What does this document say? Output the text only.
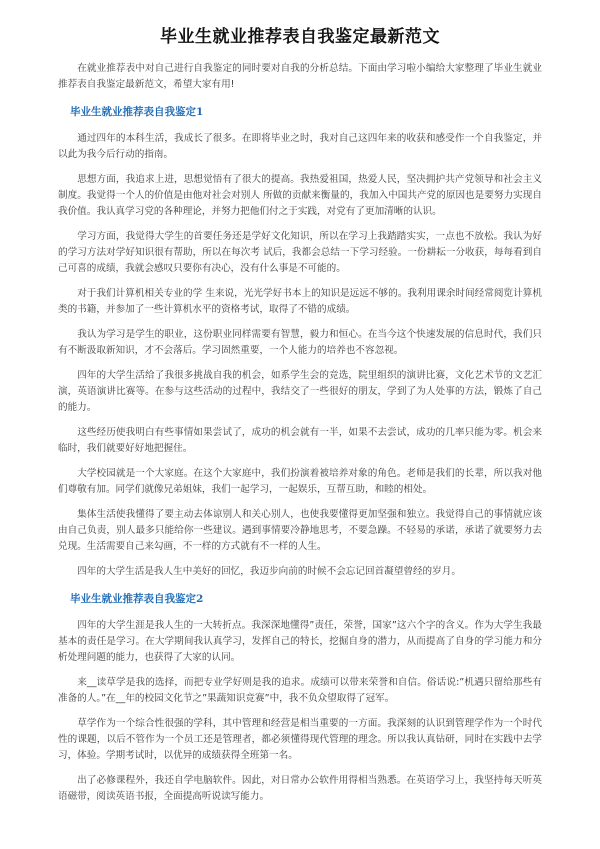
毕业生就业推荐表自我鉴定最新范文

在就业推荐表中对自己进行自我鉴定的同时要对自我的分析总结。下面由学习啦小编给大家整理了毕业生就业推荐表自我鉴定最新范文，希望大家有用!

毕业生就业推荐表自我鉴定1

通过四年的本科生活，我成长了很多。在即将毕业之时，我对自己这四年来的收获和感受作一个自我鉴定，并以此为我今后行动的指南。

思想方面，我追求上进，思想觉悟有了很大的提高。我热爱祖国，热爱人民，坚决拥护共产党领导和社会主义制度。我觉得一个人的价值是由他对社会对别人 所做的贡献来衡量的，我加入中国共产党的原因也是要努力实现自我价值。我认真学习党的各种理论，并努力把他们付之于实践，对党有了更加清晰的认识。

学习方面，我觉得大学生的首要任务还是学好文化知识，所以在学习上我踏踏实实，一点也不放松。我认为好的学习方法对学好知识很有帮助，所以在每次考 试后，我都会总结一下学习经验。一份耕耘一分收获，每每看到自己可喜的成绩，我就会感叹只要你有决心，没有什么事是不可能的。

对于我们计算机相关专业的学 生来说，光光学好书本上的知识是远远不够的。我利用课余时间经常阅览计算机类的书籍，并参加了一些计算机水平的资格考试，取得了不错的成绩。

我认为学习是学生的职业，这份职业同样需要有智慧，毅力和恒心。在当今这个快速发展的信息时代，我们只有不断汲取新知识，才不会落后。学习固然重要，一个人能力的培养也不容忽视。

四年的大学生活给了我很多挑战自我的机会，如系学生会的竞选，院里组织的演讲比赛，文化艺术节的文艺汇演，英语演讲比赛等。在参与这些活动的过程中，我结交了一些很好的朋友，学到了为人处事的方法，锻炼了自己的能力。

这些经历使我明白有些事情如果尝试了，成功的机会就有一半，如果不去尝试，成功的几率只能为零。机会来临时，我们就要好好地把握住。

大学校园就是一个大家庭。在这个大家庭中，我们扮演着被培养对象的角色。老师是我们的长辈，所以我对他们尊敬有加。同学们就像兄弟姐妹，我们一起学习，一起娱乐，互帮互助，和睦的相处。

集体生活使我懂得了要主动去体谅别人和关心别人，也使我要懂得更加坚强和独立。我觉得自己的事情就应该由自己负责，别人最多只能给你一些建议。遇到事情要冷静地思考，不要急躁。不轻易的承诺，承诺了就要努力去兑现。生活需要自己来勾画，不一样的方式就有不一样的人生。

四年的大学生活是我人生中美好的回忆，我迈步向前的时候不会忘记回首凝望曾经的岁月。

毕业生就业推荐表自我鉴定2

四年的大学生涯是我人生的一大转折点。我深深地懂得”责任，荣誉，国家”这六个字的含义。作为大学生我最基本的责任是学习。在大学期间我认真学习，发挥自己的特长，挖掘自身的潜力，从而提高了自身的学习能力和分析处理问题的能力，也获得了大家的认同。

来__读草学是我的选择，而把专业学好则是我的追求。成绩可以带来荣誉和自信。俗话说:”机遇只留给那些有准备的人。”在__年的校园文化节之”果蔬知识竞赛”中，我不负众望取得了冠军。

草学作为一个综合性很强的学科，其中管理和经营是相当重要的一方面。我深刻的认识到管理学作为一个时代性的课题，以后不管作为一个员工还是管理者，都必须懂得现代管理的理念。所以我认真钻研，同时在实践中去学习，体验。学期考试时，以优异的成绩获得全班第一名。

出了必修课程外，我还自学电脑软件。因此，对日常办公软件用得相当熟悉。在英语学习上，我坚持每天听英语磁带，阅读英语书报，全面提高听说读写能力。
